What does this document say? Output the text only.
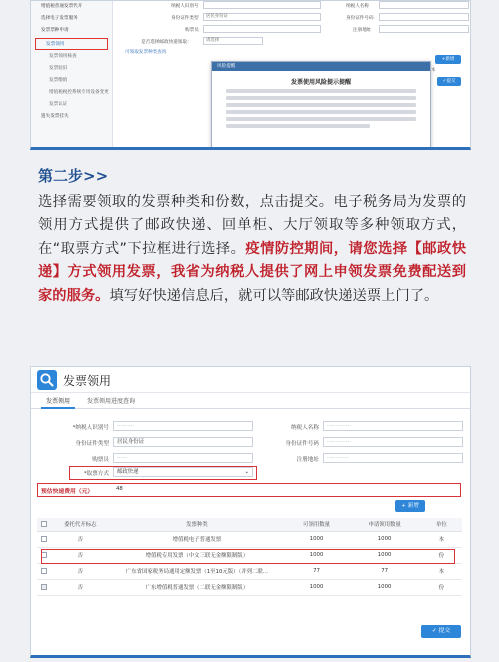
增值税普通发票代开
选择电子发票服务
发票票种申请
发票领用
发票领用核查
发票验旧
发票缴销
增值税税控系统专用设备变更
发票认证
遗失发票挂失
纳税人识别号	纳税人名称
身份证件类型	居民身份证	身份证件号码
购票员	注册地址
是否选择邮政快递领取：	请选择
可领取发票种类查询
+新增
本
✓提交
风险提醒
发票使用风险提示提醒
第二步>>
选择需要领取的发票种类和份数，点击提交。电子税务局为发票的领用方式提供了邮政快递、回单柜、大厅领取等多种领取方式，在“取票方式”下拉框进行选择。疫情防控期间，请您选择【邮政快递】方式领用发票，我省为纳税人提供了网上申领发票免费配送到家的服务。填写好快递信息后，就可以等邮政快递送票上门了。
发票领用
发票领用	发票领用进度查询
*纳税人识别号	··········
身份证件类型	居民身份证
购票员	······
*取票方式	邮政快递	⌄
纳税人名称	··············
身份证件号码	··············
注册地址	·············
预估快递费用（元）	48
+ 新增
	委托代开标志	发票种类	可领用数量	申请领用数量	单位
	否	增值税电子普通发票	1000	1000	本
	否	增值税专用发票（中文三联无金额限制版）	1000	1000	份
	否	广东省国家税务局通用定额发票（1至10元版）（并列二联...	77	77	本
	否	广东增值税普通发票（二联无金额限制版）	1000	1000	份
✓ 提交
